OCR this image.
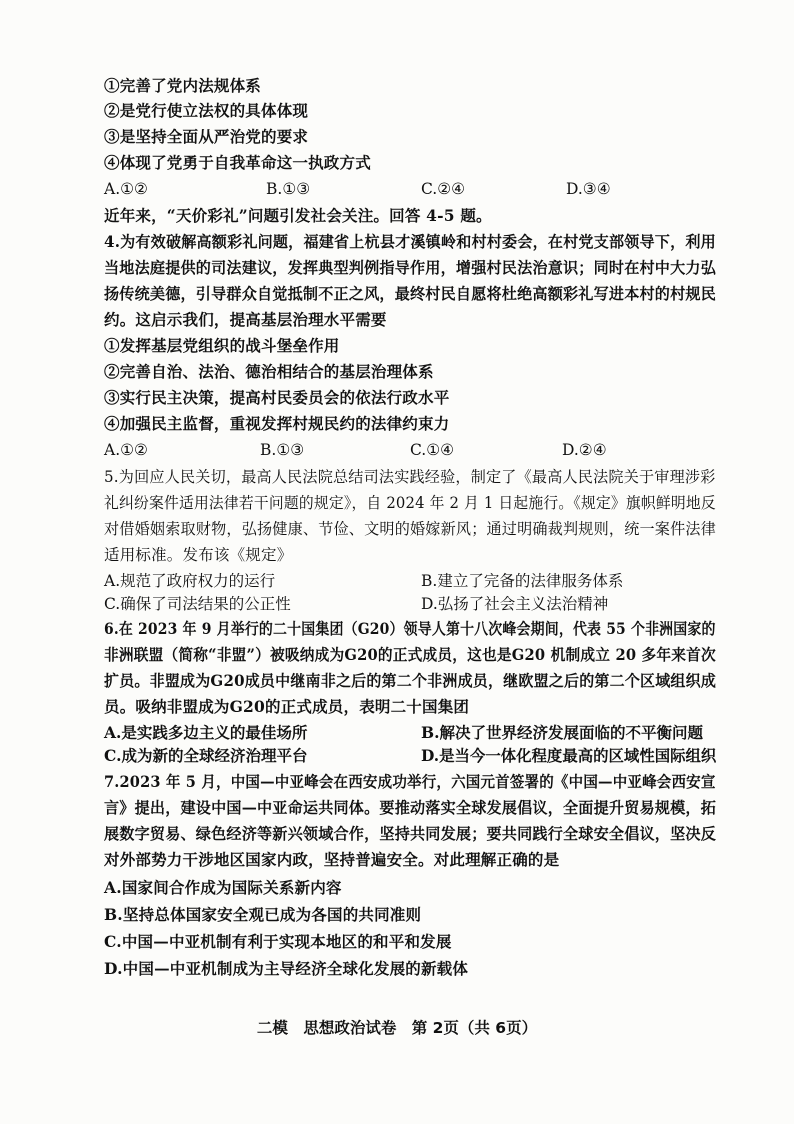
①完善了党内法规体系
②是党行使立法权的具体体现
③是坚持全面从严治党的要求
④体现了党勇于自我革命这一执政方式
A.①②	B.①③	C.②④	D.③④
近年来，“天价彩礼”问题引发社会关注。回答 4-5 题。
4.为有效破解高额彩礼问题，福建省上杭县才溪镇岭和村村委会，在村党支部领导下，利用
当地法庭提供的司法建议，发挥典型判例指导作用，增强村民法治意识；同时在村中大力弘
扬传统美德，引导群众自觉抵制不正之风，最终村民自愿将杜绝高额彩礼写进本村的村规民
约。这启示我们，提高基层治理水平需要
①发挥基层党组织的战斗堡垒作用
②完善自治、法治、德治相结合的基层治理体系
③实行民主决策，提高村民委员会的依法行政水平
④加强民主监督，重视发挥村规民约的法律约束力
A.①②	B.①③	C.①④	D.②④
5.为回应人民关切，最高人民法院总结司法实践经验，制定了《最高人民法院关于审理涉彩
礼纠纷案件适用法律若干问题的规定》，自 2024 年 2 月 1 日起施行。《规定》旗帜鲜明地反
对借婚姻索取财物，弘扬健康、节俭、文明的婚嫁新风；通过明确裁判规则，统一案件法律
适用标准。发布该《规定》
A.规范了政府权力的运行	B.建立了完备的法律服务体系
C.确保了司法结果的公正性	D.弘扬了社会主义法治精神
6.在 2023 年 9 月举行的二十国集团（G20）领导人第十八次峰会期间，代表 55 个非洲国家的
非洲联盟（简称“非盟”）被吸纳成为G20的正式成员，这也是G20 机制成立 20 多年来首次
扩员。非盟成为G20成员中继南非之后的第二个非洲成员，继欧盟之后的第二个区域组织成
员。吸纳非盟成为G20的正式成员，表明二十国集团
A.是实践多边主义的最佳场所	B.解决了世界经济发展面临的不平衡问题
C.成为新的全球经济治理平台	D.是当今一体化程度最高的区域性国际组织
7.2023 年 5 月，中国—中亚峰会在西安成功举行，六国元首签署的《中国—中亚峰会西安宣
言》提出，建设中国—中亚命运共同体。要推动落实全球发展倡议，全面提升贸易规模，拓
展数字贸易、绿色经济等新兴领域合作，坚持共同发展；要共同践行全球安全倡议，坚决反
对外部势力干涉地区国家内政，坚持普遍安全。对此理解正确的是
A.国家间合作成为国际关系新内容
B.坚持总体国家安全观已成为各国的共同准则
C.中国—中亚机制有利于实现本地区的和平和发展
D.中国—中亚机制成为主导经济全球化发展的新载体
二模 思想政治试卷 第 2页（共 6页）
